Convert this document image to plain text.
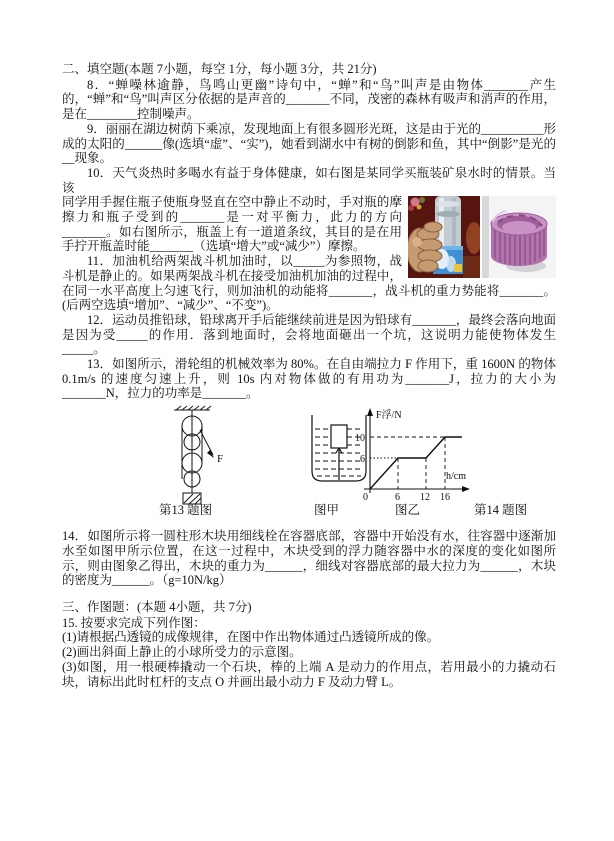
二、填空题(本题 7小题，每空 1分，每小题 3分，共 21分)

8．“蝉噪林逾静，鸟鸣山更幽”诗句中，“蝉”和“鸟”叫声是由物体_______产生的，“蝉”和“鸟”叫声区分依据的是声音的_______不同，茂密的森林有吸声和消声的作用，是在________控制噪声。

9．丽丽在湖边树荫下乘凉，发现地面上有很多圆形光斑，这是由于光的__________形成的太阳的______像(选填“虚”、“实”)，她看到湖水中有树的倒影和鱼，其中“倒影”是光的__现象。

10．天气炎热时多喝水有益于身体健康，如右图是某同学买瓶装矿泉水时的情景。当该

同学用手握住瓶子使瓶身竖直在空中静止不动时，手对瓶的摩擦力和瓶子受到的_______是一对平衡力，此力的方向_______。如右图所示，瓶盖上有一道道条纹，其目的是在用手拧开瓶盖时能_______（选填“增大”或“减少”）摩擦。

11．加油机给两架战斗机加油时，以_____为参照物，战斗机是静止的。如果两架战斗机在接受加油机加油的过程中，在同一水平高度上匀速飞行，则加油机的动能将_______，战斗机的重力势能将_______。(后两空选填“增加”、“减少”、“不变”)。

12．运动员推铅球，铅球离开手后能继续前进是因为铅球有_______，最终会落向地面是因为受_____的作用．落到地面时，会将地面砸出一个坑，这说明力能使物体发生_____。

13．如图所示，滑轮组的机械效率为 80%。在自由端拉力 F 作用下，重 1600N 的物体0.1m/s 的速度匀速上升，则 10s 内对物体做的有用功为_______J，拉力的大小为_______N，拉力的功率是_______。

F
第13 题图	图甲
F浮/N
h/cm
10
6
0	6 12 16
图乙	第14 题图

14．如图所示将一圆柱形木块用细线栓在容器底部，容器中开始没有水，往容器中逐渐加水至如图甲所示位置，在这一过程中，木块受到的浮力随容器中水的深度的变化如图所示，则由图象乙得出，木块的重力为______，细线对容器底部的最大拉力为______，木块的密度为______。（g=10N/kg）

三、作图题：(本题 4小题，共 7分)

15. 按要求完成下列作图：

(1)请根据凸透镜的成像规律，在图中作出物体通过凸透镜所成的像。

(2)画出斜面上静止的小球所受力的示意图。

(3)如图，用一根硬棒撬动一个石块，棒的上端 A 是动力的作用点，若用最小的力撬动石块，请标出此时杠杆的支点 O 并画出最小动力 F 及动力臂 L。
